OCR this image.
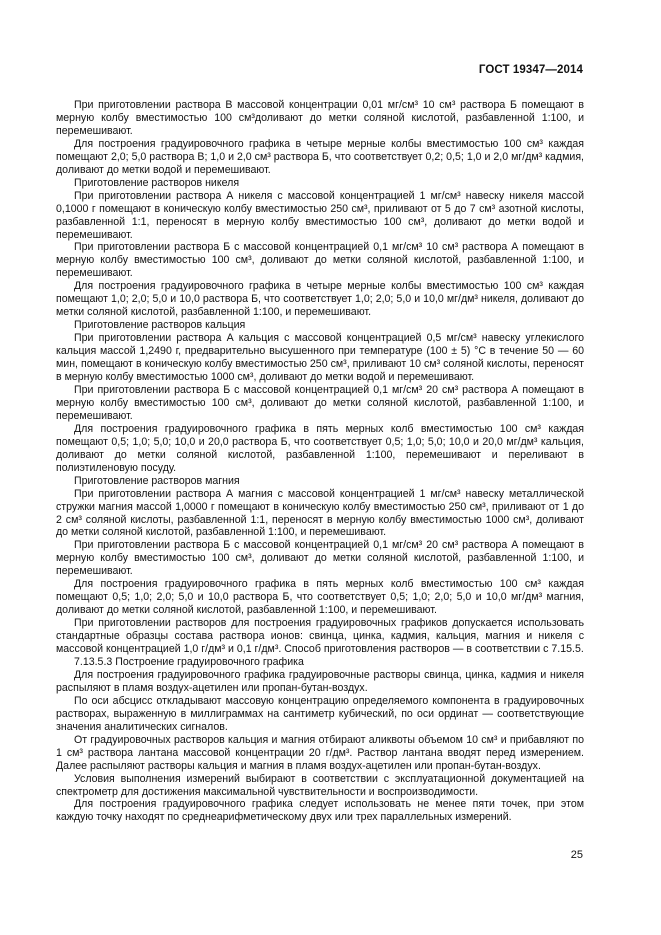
ГОСТ 19347—2014

При приготовлении раствора В массовой концентрации 0,01 мг/см³ 10 см³ раствора Б помещают в мерную колбу вместимостью 100 см³доливают до метки соляной кислотой, разбавленной 1:100, и перемешивают.

Для построения градуировочного графика в четыре мерные колбы вместимостью 100 см³ каждая помещают 2,0; 5,0 раствора В; 1,0 и 2,0 см³ раствора Б, что соответствует 0,2; 0,5; 1,0 и 2,0 мг/дм³ кадмия, доливают до метки водой и перемешивают.

Приготовление растворов никеля

При приготовлении раствора А никеля с массовой концентрацией 1 мг/см³ навеску никеля массой 0,1000 г помещают в коническую колбу вместимостью 250 см³, приливают от 5 до 7 см³ азотной кислоты, разбавленной 1:1, переносят в мерную колбу вместимостью 100 см³, доливают до метки водой и перемешивают.

При приготовлении раствора Б с массовой концентрацией 0,1 мг/см³ 10 см³ раствора А помещают в мерную колбу вместимостью 100 см³, доливают до метки соляной кислотой, разбавленной 1:100, и перемешивают.

Для построения градуировочного графика в четыре мерные колбы вместимостью 100 см³ каждая помещают 1,0; 2,0; 5,0 и 10,0 раствора Б, что соответствует 1,0; 2,0; 5,0 и 10,0 мг/дм³ никеля, доливают до метки соляной кислотой, разбавленной 1:100, и перемешивают.

Приготовление растворов кальция

При приготовлении раствора А кальция с массовой концентрацией 0,5 мг/см³ навеску углекислого кальция массой 1,2490 г, предварительно высушенного при температуре (100 ± 5) °С в течение 50 — 60 мин, помещают в коническую колбу вместимостью 250 см³, приливают 10 см³ соляной кислоты, переносят в мерную колбу вместимостью 1000 см³, доливают до метки водой и перемешивают.

При приготовлении раствора Б с массовой концентрацией 0,1 мг/см³ 20 см³ раствора А помещают в мерную колбу вместимостью 100 см³, доливают до метки соляной кислотой, разбавленной 1:100, и перемешивают.

Для построения градуировочного графика в пять мерных колб вместимостью 100 см³ каждая помещают 0,5; 1,0; 5,0; 10,0 и 20,0 раствора Б, что соответствует 0,5; 1,0; 5,0; 10,0 и 20,0 мг/дм³ кальция, доливают до метки соляной кислотой, разбавленной 1:100, перемешивают и переливают в полиэтиленовую посуду.

Приготовление растворов магния

При приготовлении раствора А магния с массовой концентрацией 1 мг/см³ навеску металлической стружки магния массой 1,0000 г помещают в коническую колбу вместимостью 250 см³, приливают от 1 до 2 см³ соляной кислоты, разбавленной 1:1, переносят в мерную колбу вместимостью 1000 см³, доливают до метки соляной кислотой, разбавленной 1:100, и перемешивают.

При приготовлении раствора Б с массовой концентрацией 0,1 мг/см³ 20 см³ раствора А помещают в мерную колбу вместимостью 100 см³, доливают до метки соляной кислотой, разбавленной 1:100, и перемешивают.

Для построения градуировочного графика в пять мерных колб вместимостью 100 см³ каждая помещают 0,5; 1,0; 2,0; 5,0 и 10,0 раствора Б, что соответствует 0,5; 1,0; 2,0; 5,0 и 10,0 мг/дм³ магния, доливают до метки соляной кислотой, разбавленной 1:100, и перемешивают.

При приготовлении растворов для построения градуировочных графиков допускается использовать стандартные образцы состава раствора ионов: свинца, цинка, кадмия, кальция, магния и никеля с массовой концентрацией 1,0 г/дм³ и 0,1 г/дм³. Способ приготовления растворов — в соответствии с 7.15.5.

7.13.5.3 Построение градуировочного графика

Для построения градуировочного графика градуировочные растворы свинца, цинка, кадмия и никеля распыляют в пламя воздух-ацетилен или пропан-бутан-воздух.

По оси абсцисс откладывают массовую концентрацию определяемого компонента в градуировочных растворах, выраженную в миллиграммах на сантиметр кубический, по оси ординат — соответствующие значения аналитических сигналов.

От градуировочных растворов кальция и магния отбирают аликвоты объемом 10 см³ и прибавляют по 1 см³ раствора лантана массовой концентрации 20 г/дм³. Раствор лантана вводят перед измерением. Далее распыляют растворы кальция и магния в пламя воздух-ацетилен или пропан-бутан-воздух.

Условия выполнения измерений выбирают в соответствии с эксплуатационной документацией на спектрометр для достижения максимальной чувствительности и воспроизводимости.

Для построения градуировочного графика следует использовать не менее пяти точек, при этом каждую точку находят по среднеарифметическому двух или трех параллельных измерений.

25
